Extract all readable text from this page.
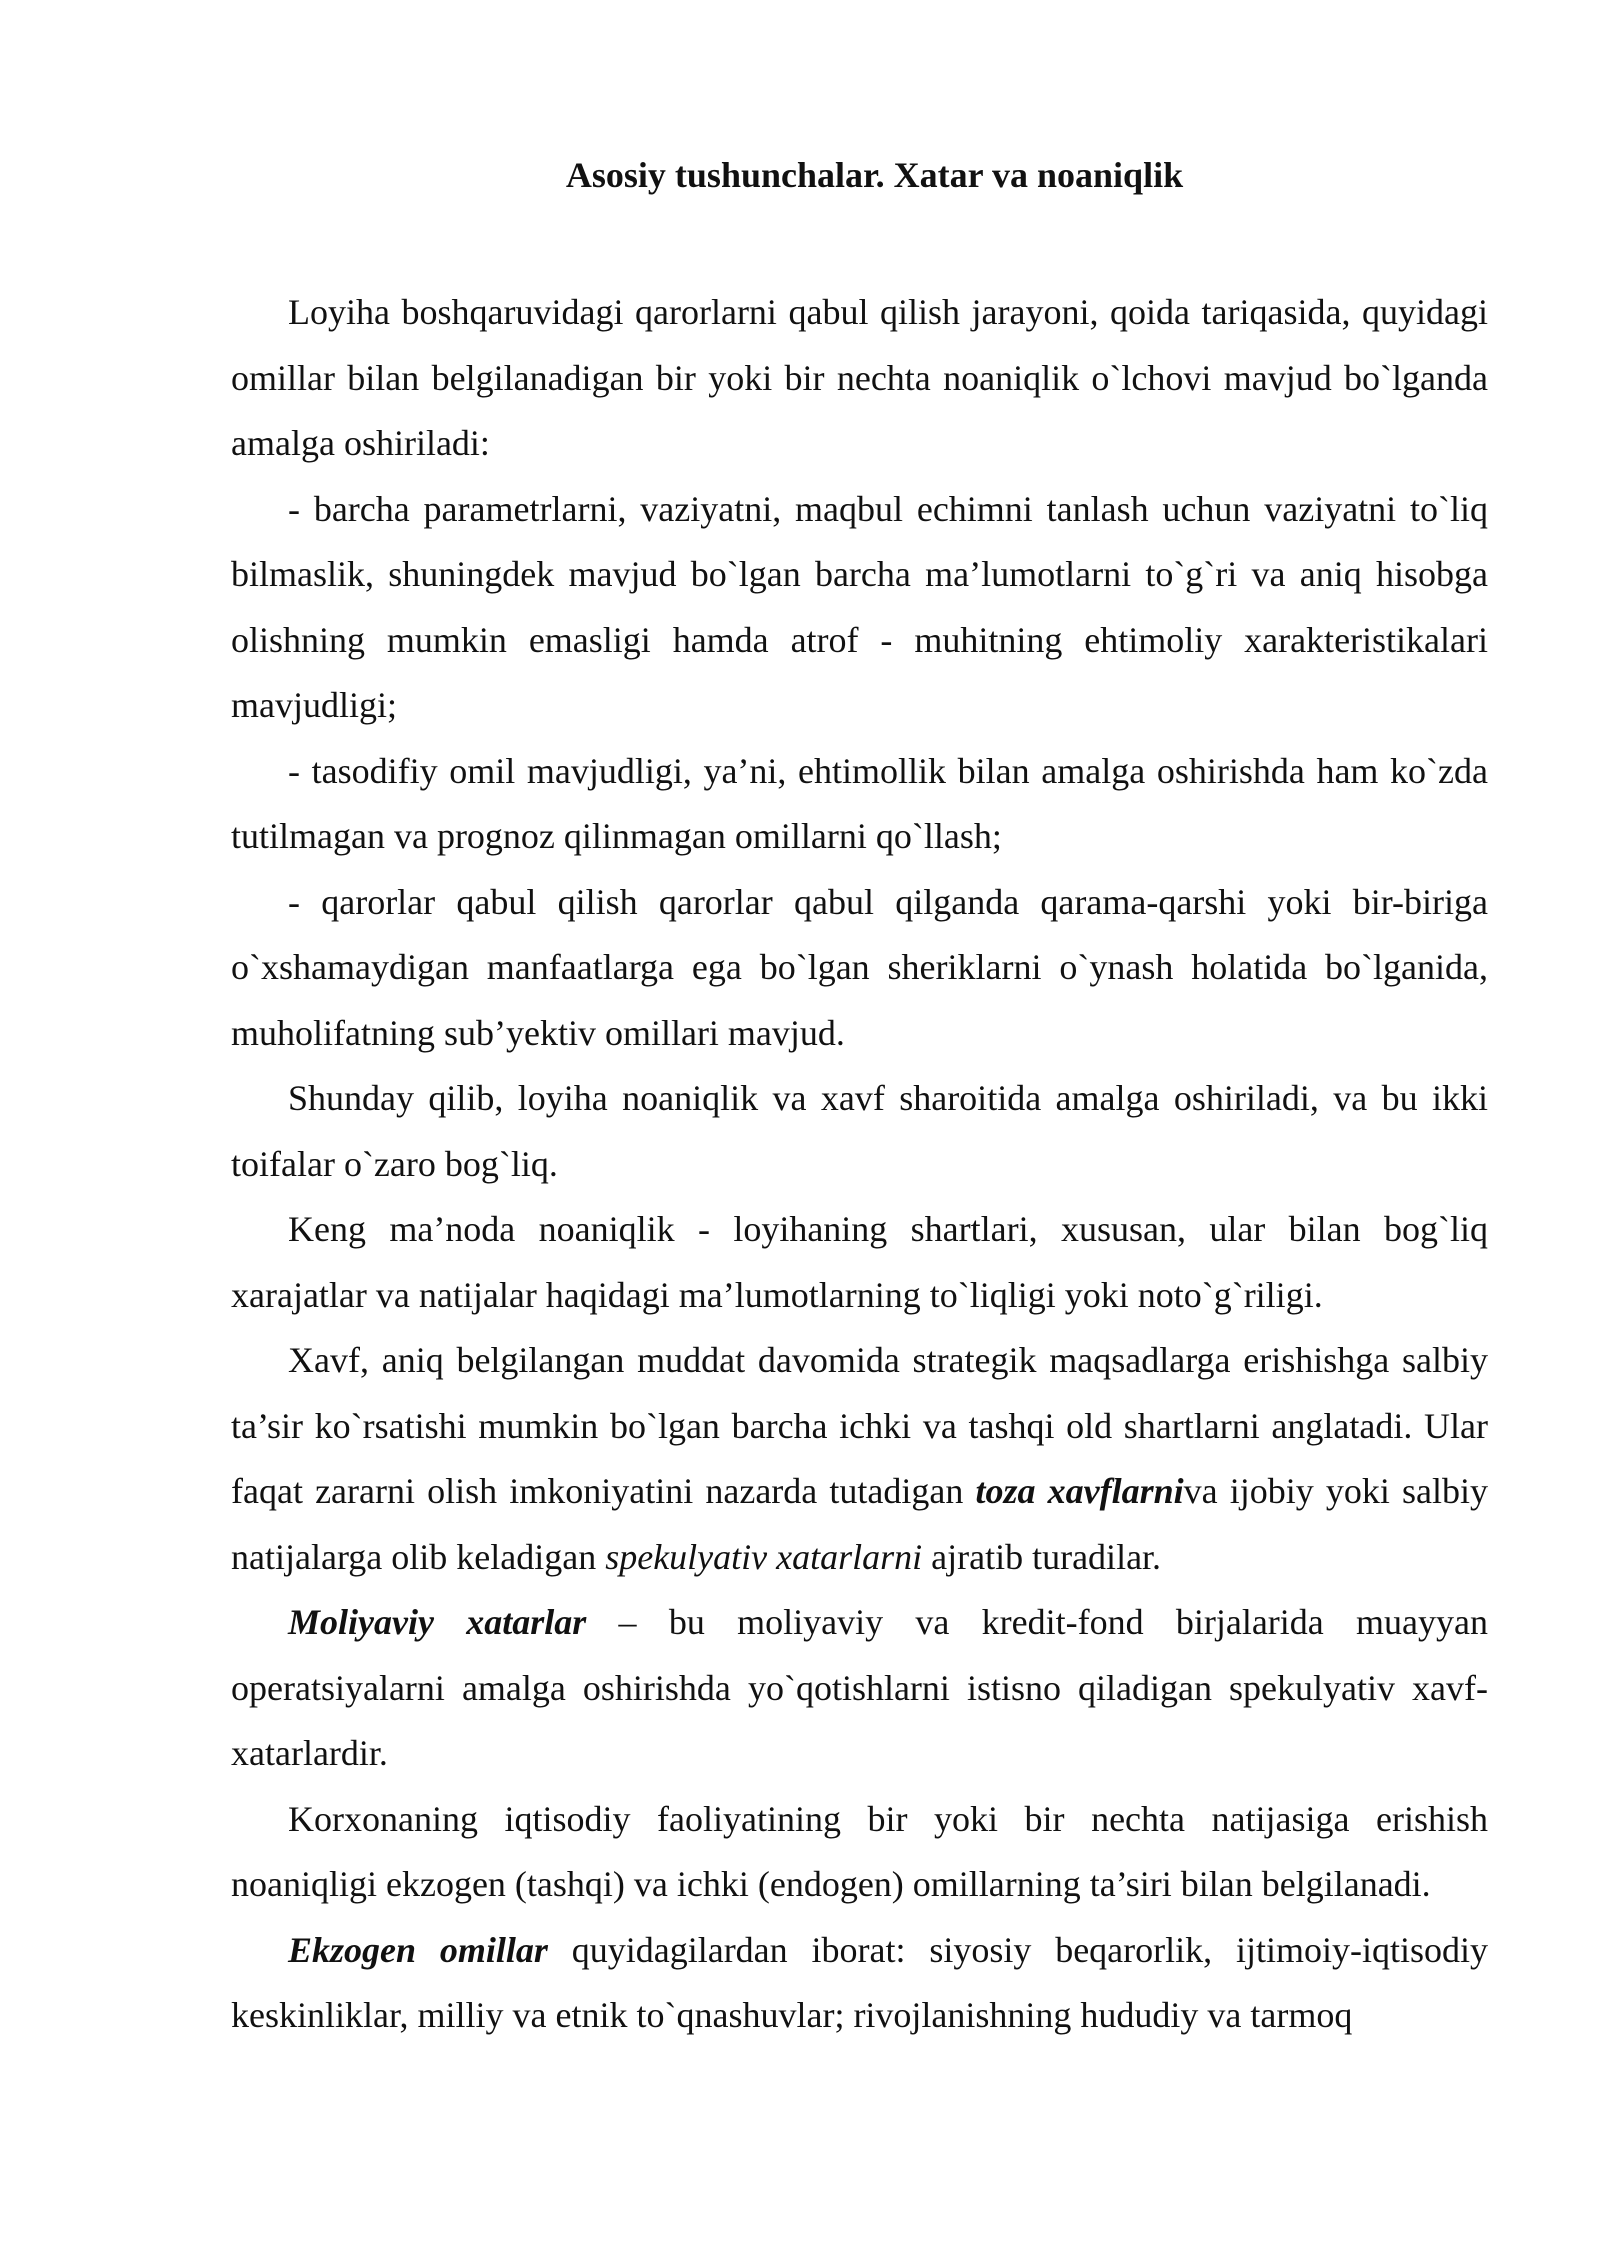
Asosiy tushunchalar. Xatar va noaniqlik

Loyiha boshqaruvidagi qarorlarni qabul qilish jarayoni, qoida tariqasida, quyidagi omillar bilan belgilanadigan bir yoki bir nechta noaniqlik o`lchovi mavjud bo`lganda amalga oshiriladi:

- barcha parametrlarni, vaziyatni, maqbul echimni tanlash uchun vaziyatni to`liq bilmaslik, shuningdek mavjud bo`lgan barcha ma’lumotlarni to`g`ri va aniq hisobga olishning mumkin emasligi hamda atrof - muhitning ehtimoliy xarakteristikalari mavjudligi;

- tasodifiy omil mavjudligi, ya’ni, ehtimollik bilan amalga oshirishda ham ko`zda tutilmagan va prognoz qilinmagan omillarni qo`llash;

- qarorlar qabul qilish qarorlar qabul qilganda qarama-qarshi yoki bir-biriga o`xshamaydigan manfaatlarga ega bo`lgan sheriklarni o`ynash holatida bo`lganida, muholifatning sub’yektiv omillari mavjud.

Shunday qilib, loyiha noaniqlik va xavf sharoitida amalga oshiriladi, va bu ikki toifalar o`zaro bog`liq.

Keng ma’noda noaniqlik - loyihaning shartlari, xususan, ular bilan bog`liq xarajatlar va natijalar haqidagi ma’lumotlarning to`liqligi yoki noto`g`riligi.

Xavf, aniq belgilangan muddat davomida strategik maqsadlarga erishishga salbiy ta’sir ko`rsatishi mumkin bo`lgan barcha ichki va tashqi old shartlarni anglatadi. Ular faqat zararni olish imkoniyatini nazarda tutadigan toza xavflarniva ijobiy yoki salbiy natijalarga olib keladigan spekulyativ xatarlarni ajratib turadilar.

Moliyaviy xatarlar – bu moliyaviy va kredit-fond birjalarida muayyan operatsiyalarni amalga oshirishda yo`qotishlarni istisno qiladigan spekulyativ xavf-xatarlardir.

Korxonaning iqtisodiy faoliyatining bir yoki bir nechta natijasiga erishish noaniqligi ekzogen (tashqi) va ichki (endogen) omillarning ta’siri bilan belgilanadi.

Ekzogen omillar quyidagilardan iborat: siyosiy beqarorlik, ijtimoiy-iqtisodiy keskinliklar, milliy va etnik to`qnashuvlar; rivojlanishning hududiy va tarmoq
